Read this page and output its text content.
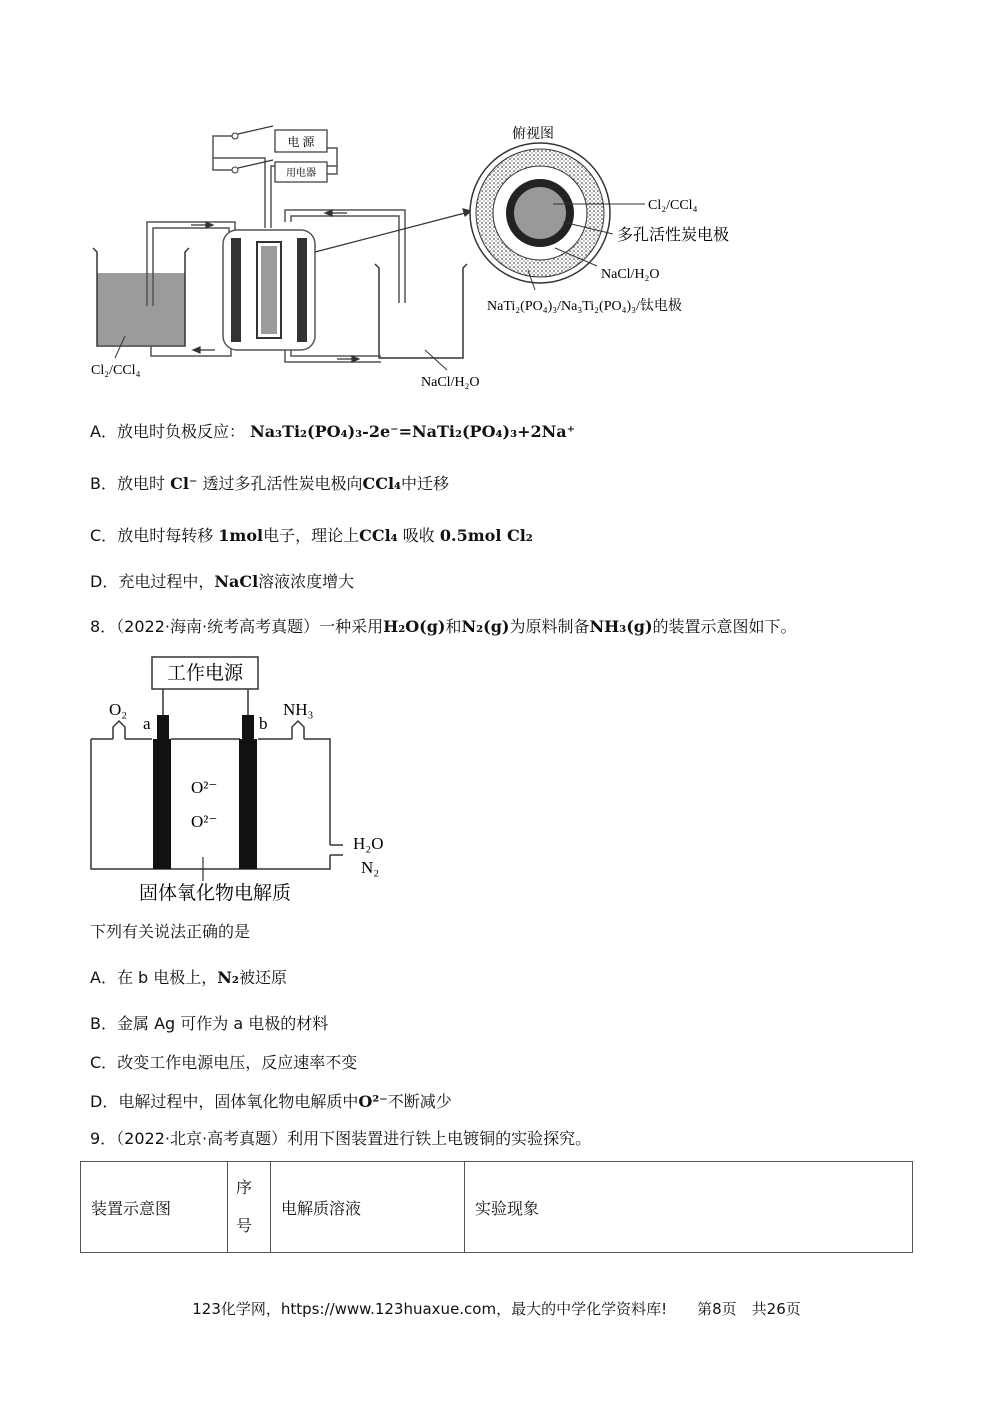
电 源
用电器
俯视图
Cl₂/CCl₄
多孔活性炭电极
NaCl/H₂O
NaTi₂(PO₄)₃/Na₃Ti₂(PO₄)₃/钛电极
Cl₂/CCl₄
NaCl/H₂O
A．放电时负极反应： Na₃Ti₂(PO₄)₃-2e⁻=NaTi₂(PO₄)₃+2Na⁺
B．放电时 Cl⁻ 透过多孔活性炭电极向CCl₄中迁移
C．放电时每转移 1mol电子，理论上CCl₄ 吸收 0.5mol Cl₂
D．充电过程中，NaCl溶液浓度增大
8．（2022·海南·统考高考真题）一种采用H₂O(g)和N₂(g)为原料制备NH₃(g)的装置示意图如下。
工作电源
O₂	NH₃
a	b
O²⁻
O²⁻
H₂O
N₂
固体氧化物电解质
下列有关说法正确的是
A．在 b 电极上，N₂被还原
B．金属 Ag 可作为 a 电极的材料
C．改变工作电源电压，反应速率不变
D．电解过程中，固体氧化物电解质中O²⁻不断减少
9．（2022·北京·高考真题）利用下图装置进行铁上电镀铜的实验探究。
装置示意图	序号	电解质溶液	实验现象
123化学网，https://www.123huaxue.com，最大的中学化学资料库!　　第8页　共26页
